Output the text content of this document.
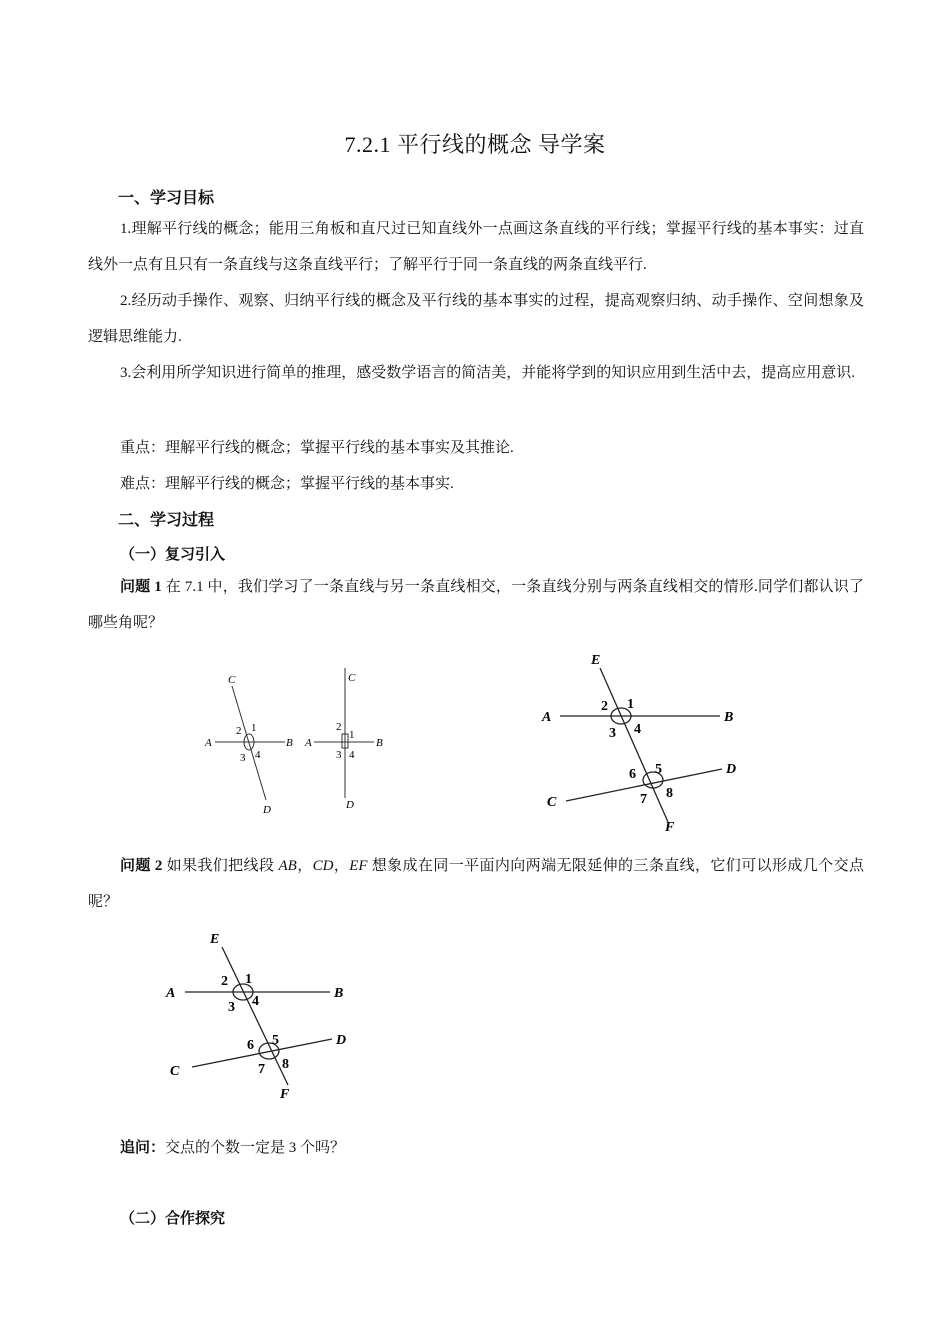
7.2.1 平行线的概念 导学案
一、学习目标
1.理解平行线的概念；能用三角板和直尺过已知直线外一点画这条直线的平行线；掌握平行线的基本事实：过直线外一点有且只有一条直线与这条直线平行；了解平行于同一条直线的两条直线平行.
2.经历动手操作、观察、归纳平行线的概念及平行线的基本事实的过程，提高观察归纳、动手操作、空间想象及逻辑思维能力.
3.会利用所学知识进行简单的推理，感受数学语言的简洁美，并能将学到的知识应用到生活中去，提高应用意识.
重点：理解平行线的概念；掌握平行线的基本事实及其推论.
难点：理解平行线的概念；掌握平行线的基本事实.
二、学习过程
（一）复习引入
问题 1 在 7.1 中，我们学习了一条直线与另一条直线相交，一条直线分别与两条直线相交的情形.同学们都认识了哪些角呢？
C
A	B
D
1
2
3 4
C
A	B
D
2
1
3 4
E
A	B
C
D
F
1
2
3 4
5
6
7 8
E
A	B
C
D
F
1
2
3 4
5
6
7 8
问题 2 如果我们把线段 AB，CD，EF 想象成在同一平面内向两端无限延伸的三条直线，它们可以形成几个交点呢？
追问：交点的个数一定是 3 个吗？
（二）合作探究
